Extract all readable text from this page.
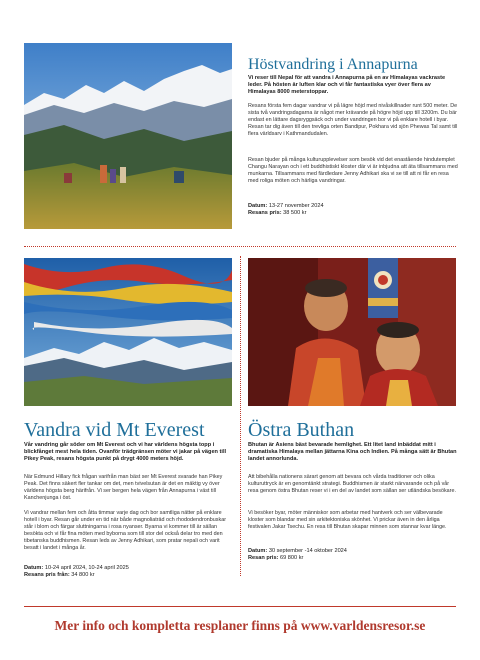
Höstvandring i Annapurna
Vi reser till Nepal för att vandra i Annapurna på en av Himalayas vackraste leder. På hösten är luften klar och vi får fantastiska vyer över flera av Himalayas 8000 meterstoppar.
Resans första fem dagar vandrar vi på lägre höjd med nivåskillnader runt 500 meter. De sista två vandringsdagarna är något mer krävande på högre höjd upp till 3200m. Du bär endast en lättare dagsryggsäck och under vandringen bor vi på enklare hotell i byar. Resan tar dig även till den trevliga orten Bandipur, Pokhara vid sjön Phewas Tal samt till flera världsarv i Kathmandudalen.
Resan bjuder på många kulturupplevelser som besök vid det enastående hindutemplet Changu Narayan och i ett buddhistiskt kloster där vi är inbjudna att äta tillsammans med munkarna. Tillsammans med färdledare Jenny Adhikari ska vi se till att ni får en resa med roliga möten och härliga vandringar.
Datum: 13-27 november 2024
Resans pris: 38 500 kr
Vandra vid Mt Everest
Vår vandring går söder om Mt Everest och vi har världens högsta topp i blickfånget mest hela tiden. Ovanför trädgränsen möter vi jakar på vägen till Pikey Peak, resans högsta punkt på drygt 4000 meters höjd.
När Edmund Hillary fick frågan varifrån man bäst ser Mt Everest svarade han Pikey Peak. Det finns säkert fler tankar om det, men tvivelsutan är det en mäktig vy över världens högsta berg härifrån. Vi ser bergen hela vägen från Annapurna i väst till Kanchenjunga i öst.
Vi vandrar mellan fem och åtta timmar varje dag och bor samtliga nätter på enklare hotell i byar. Resan går under en tid när både magnoliaträd och rhododendronbuskar står i blom och färgar sluttningarna i rosa nyanser. Byarna vi kommer till är sällan besökta och vi får fina möten med byborna som till stor del också delar tro med den tibetanska buddhismen. Resan leds av Jenny Adhikari, som pratar nepali och varit besatt i landet i många år.
Datum: 10-24 april 2024, 10-24 april 2025
Resans pris från: 34 800 kr
Östra Buthan
Bhutan är Asiens bäst bevarade hemlighet. Ett litet land inbäddat mitt i dramatiska Himalaya mellan jättarna Kina och Indien. På många sätt är Bhutan landet annorlunda.
Att bibehålla nationens särart genom att bevara och vårda traditioner och olika kulturuttryck är en genomtänkt strategi. Buddhismen är starkt närvarande och på vår resa genom östra Bhutan reser vi i en del av landet som sällan ser utländska besökare.
Vi besöker byar, möter människor som arbetar med hantverk och ser välbevarade kloster som blandar med sin arkitektoniska skönhet. Vi prickar även in den årliga festivalen Jakar Tsechu. En resa till Bhutan skapar minnen som stannar kvar länge.
Datum: 30 september -14 oktober 2024
Resan pris: 69 800 kr
Mer info och kompletta resplaner finns på www.varldensresor.se
